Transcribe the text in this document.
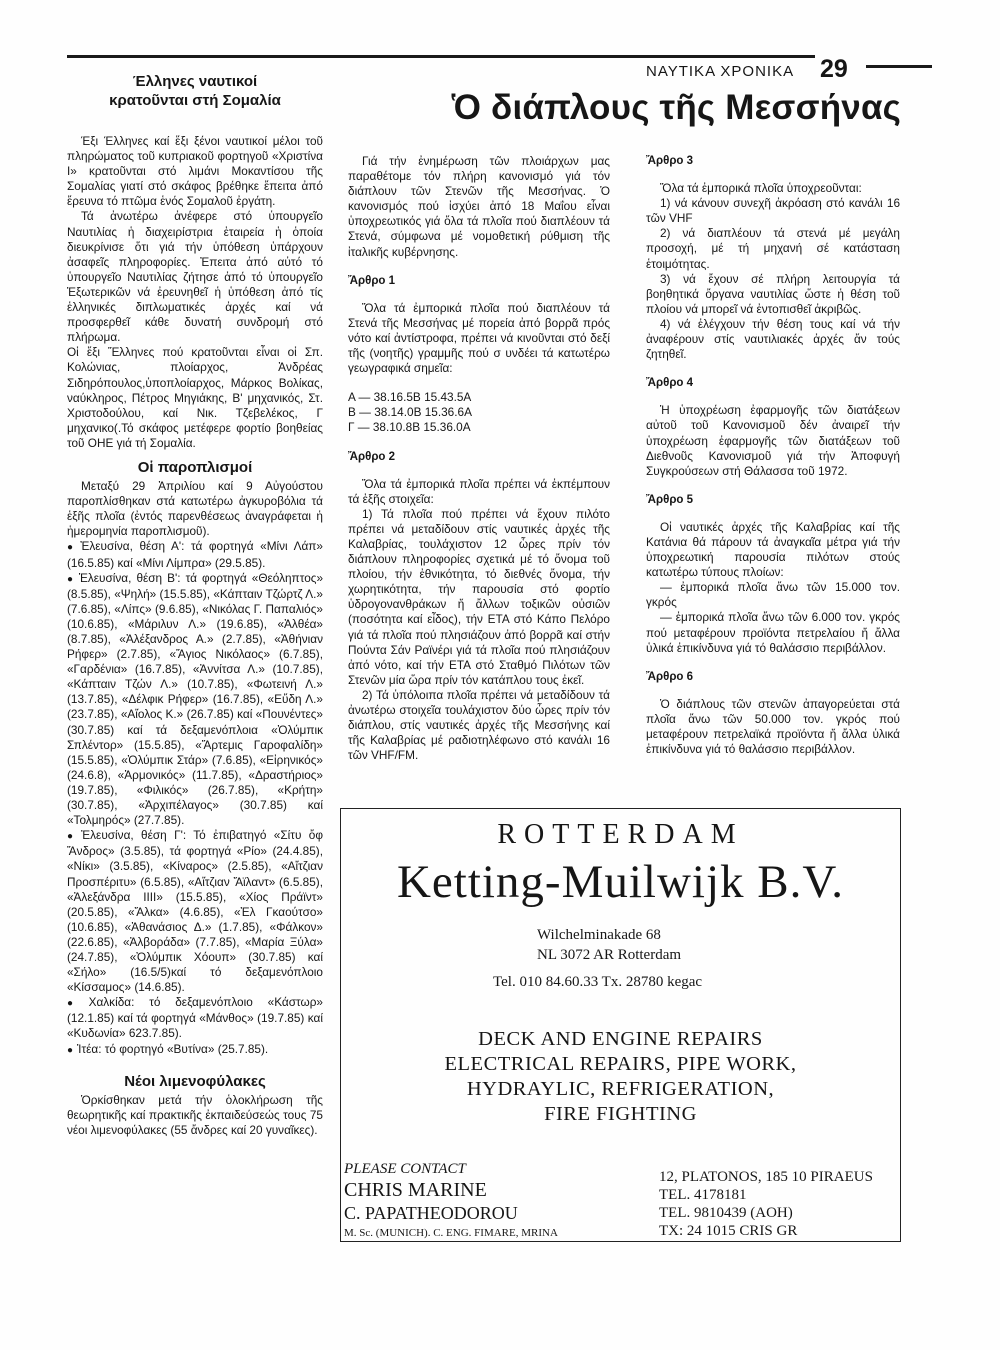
ΝΑΥΤΙΚΑ ΧΡΟΝΙΚΑ 29
Έλληνες ναυτικοί
κρατοῦνται στή Σομαλία

Έξι Έλληνες καί ἕξι ξένοι ναυτικοί μέλοι τοῦ πληρώματος τοῦ κυπριακοῦ φορτηγοῦ «Χριστίνα Ι» κρατοῦνται στό λιμάνι Μοκαντίσου τῆς Σομαλίας γιατί στό σκάφος βρέθηκε ἔπειτα ἀπό ἔρευνα τό πτῶμα ἑνός Σομαλοῦ ἐργάτη.

Τά ἀνωτέρω ἀνέφερε στό ὑπουργεῖο Ναυτιλίας ἡ διαχειρίστρια ἑταιρεία ἡ ὁποία διευκρίνισε ὅτι γιά τήν ὑπόθεση ὑπάρχουν ἀσαφεῖς πληροφορίες. Ἐπειτα ἀπό αὐτό τό ὑπουργεῖο Ναυτιλίας ζήτησε ἀπό τό ὑπουργεῖο Ἐξωτερικῶν νά ἐρευνηθεῖ ἡ ὑπόθεση ἀπό τίς ἑλληνικές διπλωματικές ἀρχές καί νά προσφερθεῖ κάθε δυνατή συνδρομή στό πλήρωμα.

Οἱ ἕξι Ἕλληνες πού κρατοῦνται εἶναι οἱ Σπ. Κολώνιας, πλοίαρχος, Ἀνδρέας Σιδηρόπουλος,ὑποπλοίαρχος, Μάρκος Βολίκας, ναύκληρος, Πέτρος Μηγιάκης, Β' μηχανικός, Στ. Χριστοδούλου, καί Νικ. Τζεβελέκος, Γ μηχανικο(.Τό σκάφος μετέφερε φορτίο βοηθείας τοῦ ΟΗΕ γιά τή Σομαλία.

Οἱ παροπλισμοί

Μεταξύ 29 Ἀπριλίου καί 9 Αὐγούστου παροπλίσθηκαν στά κατωτέρω ἀγκυροβόλια τά ἑξῆς πλοῖα (ἐντός παρενθέσεως ἀναγράφεται ἡ ἡμερομηνία παροπλισμοῦ).

● Ἐλευσίνα, θέση Α': τά φορτηγά «Μίνι Λάπ» (16.5.85) καί «Μίνι Λίμπρα» (29.5.85).

● Ἐλευσίνα, θέση Β': τά φορτηγά «Θεόληπτος» (8.5.85), «Ψηλή» (15.5.85), «Κάπταιν Τζώρτζ Λ.» (7.6.85), «Λίπς» (9.6.85), «Νικόλας Γ. Παπαλιός» (10.6.85), «Μάριλυν Λ.» (19.6.85), «Ἀλθέα» (8.7.85), «Ἀλέξανδρος Α.» (2.7.85), «Ἀθήνιαν Ρήφερ» (2.7.85), «Ἅγιος Νικόλαος» (6.7.85), «Γαρδένια» (16.7.85), «Ἀννίτσα Λ.» (10.7.85), «Κάπταιν Τζών Λ.» (10.7.85), «Φωτεινή Λ.» (13.7.85), «Δέλφικ Ρήφερ» (16.7.85), «Εὔδη Λ.» (23.7.85), «Αἴολος Κ.» (26.7.85) καί «Πουνέντες» (30.7.85) καί τά δεξαμενόπλοια «Ὀλύμπικ Σπλέντορ» (15.5.85), «Ἄρτεμις Γαροφαλίδη» (15.5.85), «Ὀλύμπικ Στάρ» (7.6.85), «Εἰρηνικός» (24.6.8), «Ἀρμονικός» (11.7.85), «Δραστήριος» (19.7.85), «Φιλικός» (26.7.85), «Κρήτη» (30.7.85), «Ἀρχιπέλαγος» (30.7.85) καί «Τολμηρός» (27.7.85).

● Ἐλευσίνα, θέση Γ': Τό ἐπιβατηγό «Σίτυ ὄφ Ἄνδρος» (3.5.85), τά φορτηγά «Ρίο» (24.4.85), «Νίκι» (3.5.85), «Κίναρος» (2.5.85), «Αἴτζιαν Προσπέριτυ» (6.5.85), «Αἴτζιαν Ἄϊλαντ» (6.5.85), «Ἀλεξάνδρα ΙΙΙΙ» (15.5.85), «Χίος Πράϊντ» (20.5.85), «Ἄλκα» (4.6.85), «Ἐλ Γκαούτσο» (10.6.85), «Ἀθανάσιος Δ.» (1.7.85), «Φάλκον» (22.6.85), «Ἀλβοράδα» (7.7.85), «Μαρία Ξύλα» (24.7.85), «Ὀλύμπικ Χόουπ» (30.7.85) καί «Σήλο» (16.5/5)καί τό δεξαμενόπλοιο «Κίσσαμος» (14.6.85).

● Χαλκίδα: τό δεξαμενόπλοιο «Κάστωρ» (12.1.85) καί τά φορτηγά «Μάνθος» (19.7.85) καί «Κυδωνία» 623.7.85).

● Ἰτέα: τό φορτηγό «Βυτίνα» (25.7.85).

Νέοι λιμενοφύλακες

Ὁρκίσθηκαν μετά τήν ὁλοκλήρωση τῆς θεωρητικῆς καί πρακτικῆς ἐκπαιδεύσεώς τους 75 νέοι λιμενοφύλακες (55 ἄνδρες καί 20 γυναῖκες).

Ὁ διάπλους τῆς Μεσσήνας

Γιά τήν ἐνημέρωση τῶν πλοιάρχων μας παραθέτομε τόν πλήρη κανονισμό γιά τόν διάπλουν τῶν Στενῶν τῆς Μεσσήνας. Ὁ κανονισμός πού ἰσχύει ἀπό 18 Μαΐου εἶναι ὑποχρεωτικός γιά ὅλα τά πλοῖα πού διαπλέουν τά Στενά, σύμφωνα μέ νομοθετική ρύθμιση τῆς ἰταλικῆς κυβέρνησης.

Ἄρθρο 1

Ὅλα τά ἐμπορικά πλοῖα πού διαπλέουν τά Στενά τῆς Μεσσήνας μέ πορεία ἀπό βορρᾶ πρός νότο καί ἀντίστροφα, πρέπει νά κινοῦνται στό δεξί τῆς (νοητῆς) γραμμῆς πού σ υνδέει τά κατωτέρω γεωγραφικά σημεῖα:

Α — 38.16.5Β 15.43.5Α

Β — 38.14.0Β 15.36.6Α

Γ — 38.10.8Β 15.36.0Α

Ἄρθρο 2

Ὅλα τά ἐμπορικά πλοῖα πρέπει νά ἐκπέμπουν τά ἑξῆς στοιχεῖα:

1) Τά πλοῖα πού πρέπει νά ἔχουν πιλότο πρέπει νά μεταδίδουν στίς ναυτικές ἀρχές τῆς Καλαβρίας, τουλάχιστον 12 ὧρες πρίν τόν διάπλουν πληροφορίες σχετικά μέ τό ὄνομα τοῦ πλοίου, τήν ἐθνικότητα, τό διεθνές ὄνομα, τήν χωρητικότητα, τήν παρουσία στό φορτίο ὑδρογονανθράκων ἤ ἄλλων τοξικῶν οὐσιῶν (ποσότητα καί εἶδος), τήν ΕΤΑ στό Κάπο Πελόρο γιά τά πλοῖα πού πλησιάζουν ἀπό βορρᾶ καί στήν Πούντα Σάν Ραϊνέρι γιά τά πλοῖα πού πλησιάζουν ἀπό νότο, καί τήν ΕΤΑ στό Σταθμό Πιλότων τῶν Στενῶν μία ὥρα πρίν τόν κατάπλου τους ἐκεῖ.

2) Τά ὑπόλοιπα πλοῖα πρέπει νά μεταδίδουν τά ἀνωτέρω στοιχεῖα τουλάχιστον δύο ὧρες πρίν τόν διάπλου, στίς ναυτικές ἀρχές τῆς Μεσσήνης καί τῆς Καλαβρίας μέ ραδιοτηλέφωνο στό κανάλι 16 τῶν VHF/FM.

Ἄρθρο 3

Ὅλα τά ἐμπορικά πλοῖα ὑποχρεοῦνται:

1) νά κάνουν συνεχῆ ἀκρόαση στό κανάλι 16 τῶν VHF

2) νά διαπλέουν τά στενά μέ μεγάλη προσοχή, μέ τή μηχανή σέ κατάσταση ἑτοιμότητας.

3) νά ἔχουν σέ πλήρη λειτουργία τά βοηθητικά ὄργανα ναυτιλίας ὥστε ἡ θέση τοῦ πλοίου νά μπορεῖ νά ἐντοπισθεῖ ἀκριβῶς.

4) νά ἐλέγχουν τήν θέση τους καί νά τήν ἀναφέρουν στίς ναυτιλιακές ἀρχές ἄν τούς ζητηθεῖ.

Ἄρθρο 4

Ἡ ὑποχρέωση ἐφαρμογῆς τῶν διατάξεων αὐτοῦ τοῦ Κανονισμοῦ δέν ἀναιρεῖ τήν ὑποχρέωση ἐφαρμογῆς τῶν διατάξεων τοῦ Διεθνοῦς Κανονισμοῦ γιά τήν Ἀποφυγή Συγκρούσεων στή Θάλασσα τοῦ 1972.

Ἄρθρο 5

Οἱ ναυτικές ἀρχές τῆς Καλαβρίας καί τῆς Κατάνια θά πάρουν τά ἀναγκαῖα μέτρα γιά τήν ὑποχρεωτική παρουσία πιλότων στούς κατωτέρω τύπους πλοίων:

— ἐμπορικά πλοῖα ἄνω τῶν 15.000 τον. γκρός

— ἐμπορικά πλοῖα ἄνω τῶν 6.000 τον. γκρός πού μεταφέρουν προϊόντα πετρελαίου ἤ ἄλλα ὑλικά ἐπικίνδυνα γιά τό θαλάσσιο περιβάλλον.

Ἄρθρο 6

Ὁ διάπλους τῶν στενῶν ἀπαγορεύεται στά πλοῖα ἄνω τῶν 50.000 τον. γκρός πού μεταφέρουν πετρελαϊκά προϊόντα ἤ ἄλλα ὑλικά ἐπικίνδυνα γιά τό θαλάσσιο περιβάλλον.

ROTTERDAM
Ketting-Muilwijk B.V.
Wilchelminakade 68
NL 3072 AR Rotterdam
Tel. 010 84.60.33 Tx. 28780 kegac
DECK AND ENGINE REPAIRS
ELECTRICAL REPAIRS, PIPE WORK,
HYDRAYLIC, REFRIGERATION,
FIRE FIGHTING
PLEASE CONTACT
CHRIS MARINE
C. PAPATHEODOROU
M. Sc. (MUNICH). C. ENG. FIMARE, MRINA
12, PLATONOS, 185 10 PIRAEUS
TEL. 4178181
TEL. 9810439 (AOH)
TX: 24 1015 CRIS GR
